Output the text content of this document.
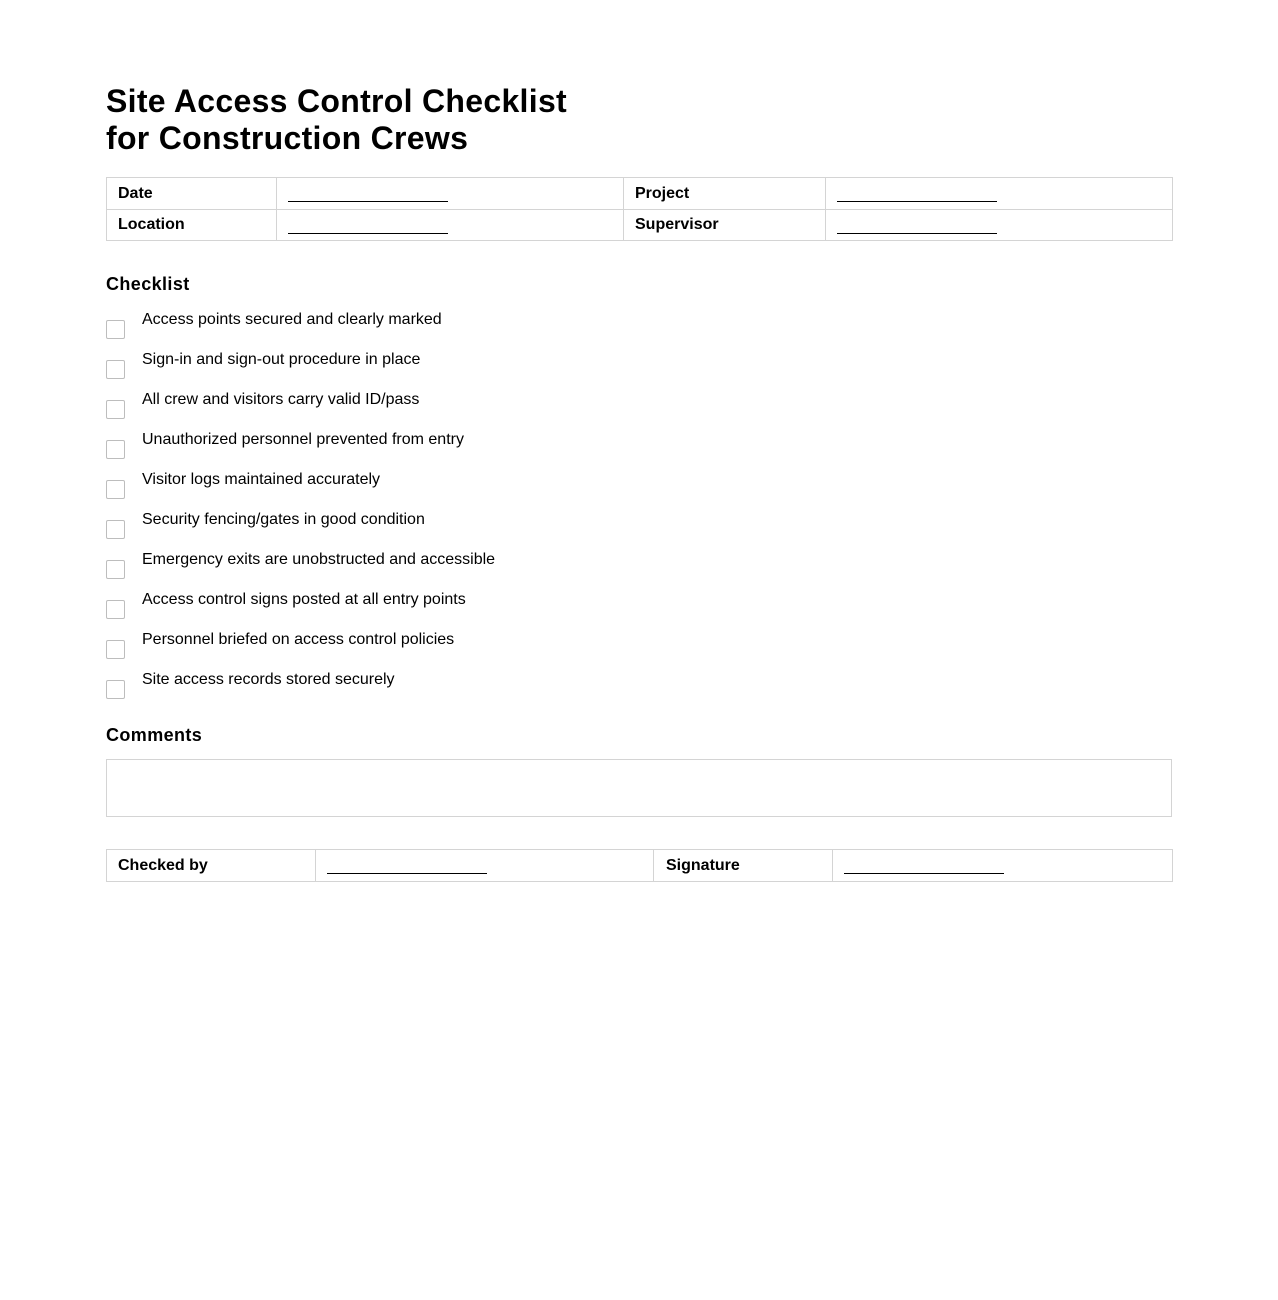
Site Access Control Checklist
for Construction Crews
Date		Project	
Location		Supervisor	
Checklist
Access points secured and clearly marked
Sign-in and sign-out procedure in place
All crew and visitors carry valid ID/pass
Unauthorized personnel prevented from entry
Visitor logs maintained accurately
Security fencing/gates in good condition
Emergency exits are unobstructed and accessible
Access control signs posted at all entry points
Personnel briefed on access control policies
Site access records stored securely
Comments
Checked by		Signature	
